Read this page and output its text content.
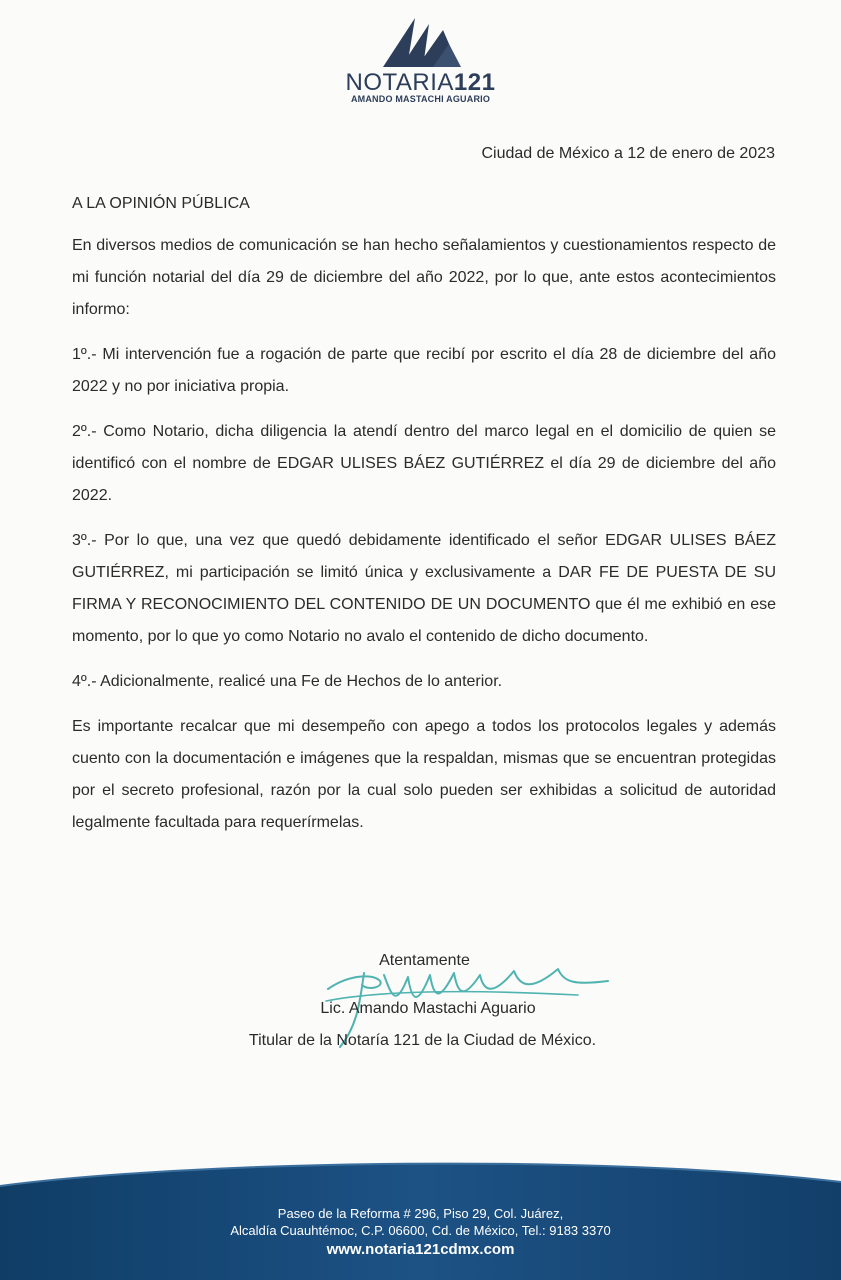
NOTARIA121
AMANDO MASTACHI AGUARIO
Ciudad de México a 12 de enero de 2023

A LA OPINIÓN PÚBLICA

En diversos medios de comunicación se han hecho señalamientos y cuestionamientos respecto de mi función notarial del día 29 de diciembre del año 2022, por lo que, ante estos acontecimientos informo:

1º.- Mi intervención fue a rogación de parte que recibí por escrito el día 28 de diciembre del año 2022 y no por iniciativa propia.

2º.- Como Notario, dicha diligencia la atendí dentro del marco legal en el domicilio de quien se identificó con el nombre de EDGAR ULISES BÁEZ GUTIÉRREZ el día 29 de diciembre del año 2022.

3º.- Por lo que, una vez que quedó debidamente identificado el señor EDGAR ULISES BÁEZ GUTIÉRREZ, mi participación se limitó única y exclusivamente a DAR FE DE PUESTA DE SU FIRMA Y RECONOCIMIENTO DEL CONTENIDO DE UN DOCUMENTO que él me exhibió en ese momento, por lo que yo como Notario no avalo el contenido de dicho documento.

4º.- Adicionalmente, realicé una Fe de Hechos de lo anterior.

Es importante recalcar que mi desempeño con apego a todos los protocolos legales y además cuento con la documentación e imágenes que la respaldan, mismas que se encuentran protegidas por el secreto profesional, razón por la cual solo pueden ser exhibidas a solicitud de autoridad legalmente facultada para requerírmelas.

Atentamente
Lic. Amando Mastachi Aguario
Titular de la Notaría 121 de la Ciudad de México.
Paseo de la Reforma # 296, Piso 29, Col. Juárez,
Alcaldía Cuauhtémoc, C.P. 06600, Cd. de México, Tel.: 9183 3370
www.notaria121cdmx.com
